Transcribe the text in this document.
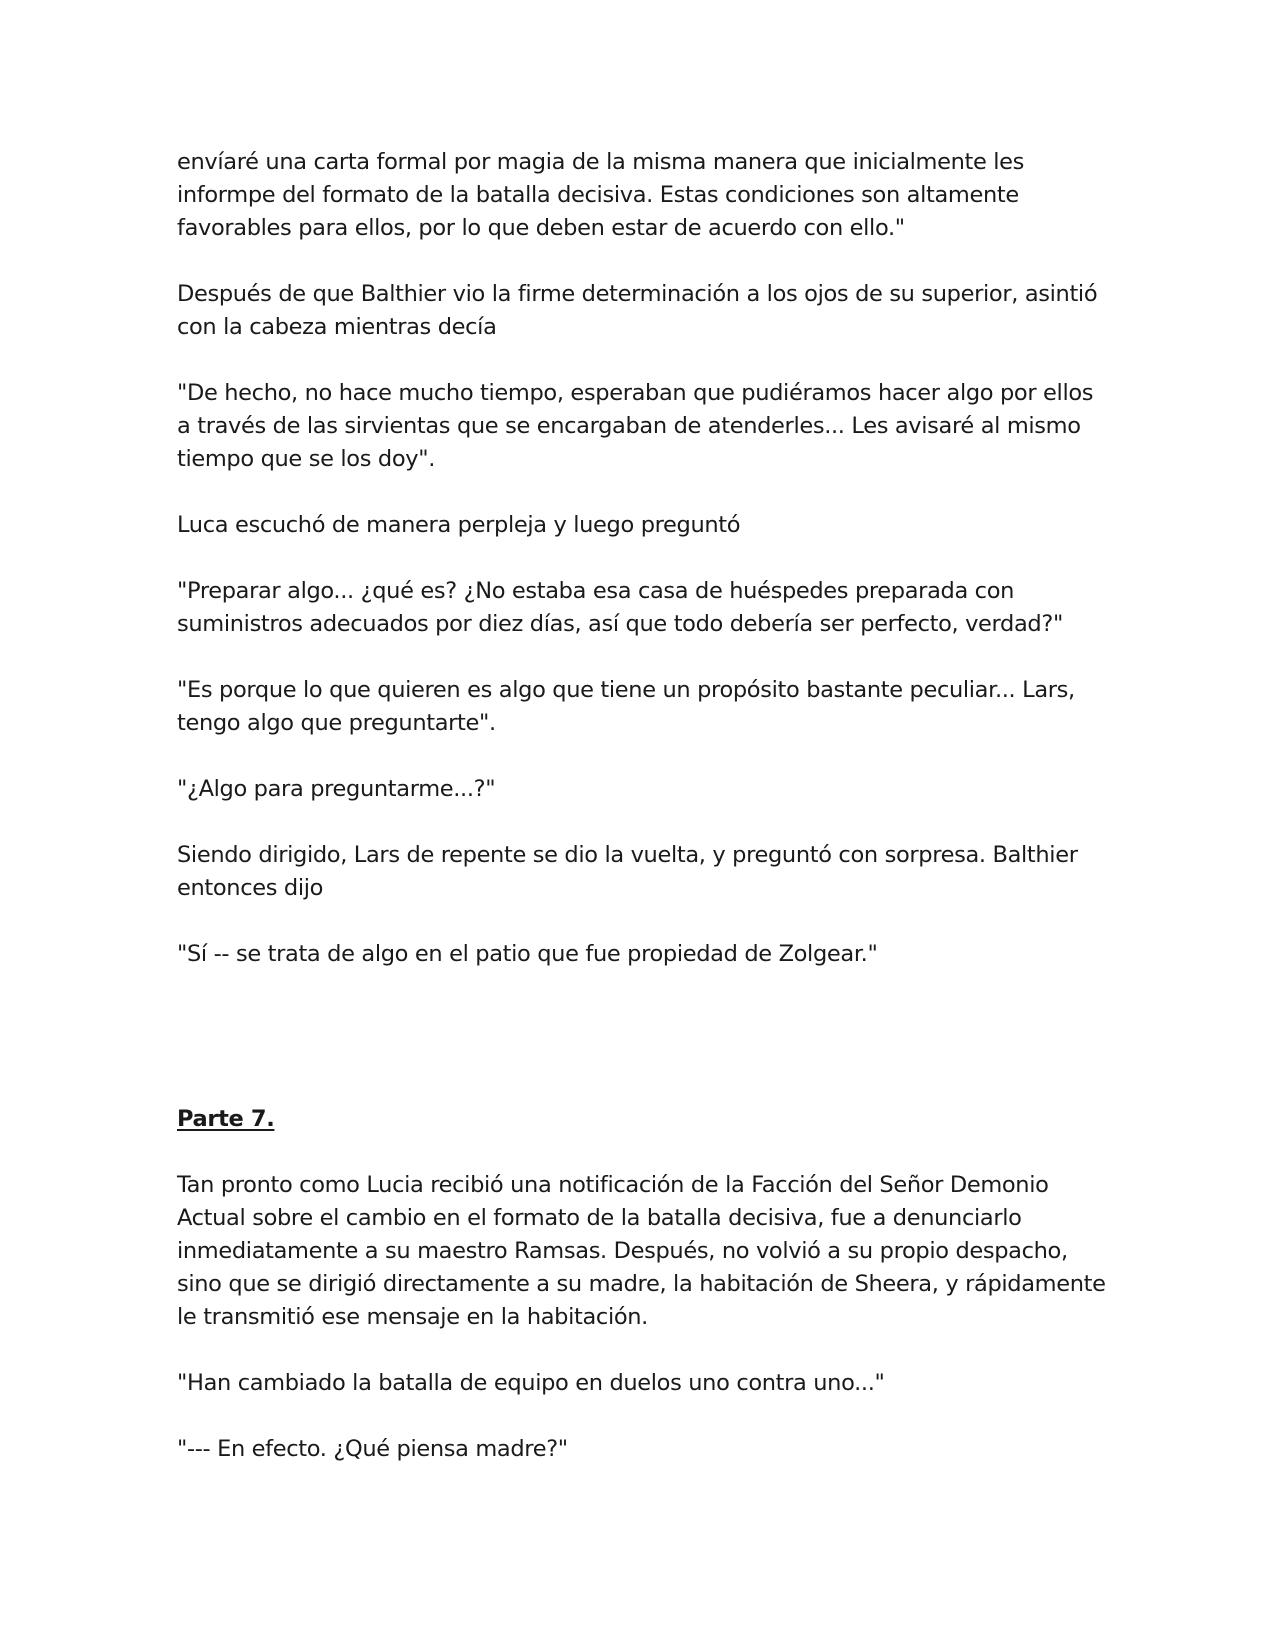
envíaré una carta formal por magia de la misma manera que inicialmente les informpe del formato de la batalla decisiva. Estas condiciones son altamente favorables para ellos, por lo que deben estar de acuerdo con ello."

Después de que Balthier vio la firme determinación a los ojos de su superior, asintió con la cabeza mientras decía

"De hecho, no hace mucho tiempo, esperaban que pudiéramos hacer algo por ellos a través de las sirvientas que se encargaban de atenderles... Les avisaré al mismo tiempo que se los doy".

Luca escuchó de manera perpleja y luego preguntó

"Preparar algo... ¿qué es? ¿No estaba esa casa de huéspedes preparada con suministros adecuados por diez días, así que todo debería ser perfecto, verdad?"

"Es porque lo que quieren es algo que tiene un propósito bastante peculiar... Lars, tengo algo que preguntarte".

"¿Algo para preguntarme...?"

Siendo dirigido, Lars de repente se dio la vuelta, y preguntó con sorpresa. Balthier entonces dijo

"Sí -- se trata de algo en el patio que fue propiedad de Zolgear."

Parte 7.

Tan pronto como Lucia recibió una notificación de la Facción del Señor Demonio Actual sobre el cambio en el formato de la batalla decisiva, fue a denunciarlo inmediatamente a su maestro Ramsas. Después, no volvió a su propio despacho, sino que se dirigió directamente a su madre, la habitación de Sheera, y rápidamente le transmitió ese mensaje en la habitación.

"Han cambiado la batalla de equipo en duelos uno contra uno..."

"--- En efecto. ¿Qué piensa madre?"
